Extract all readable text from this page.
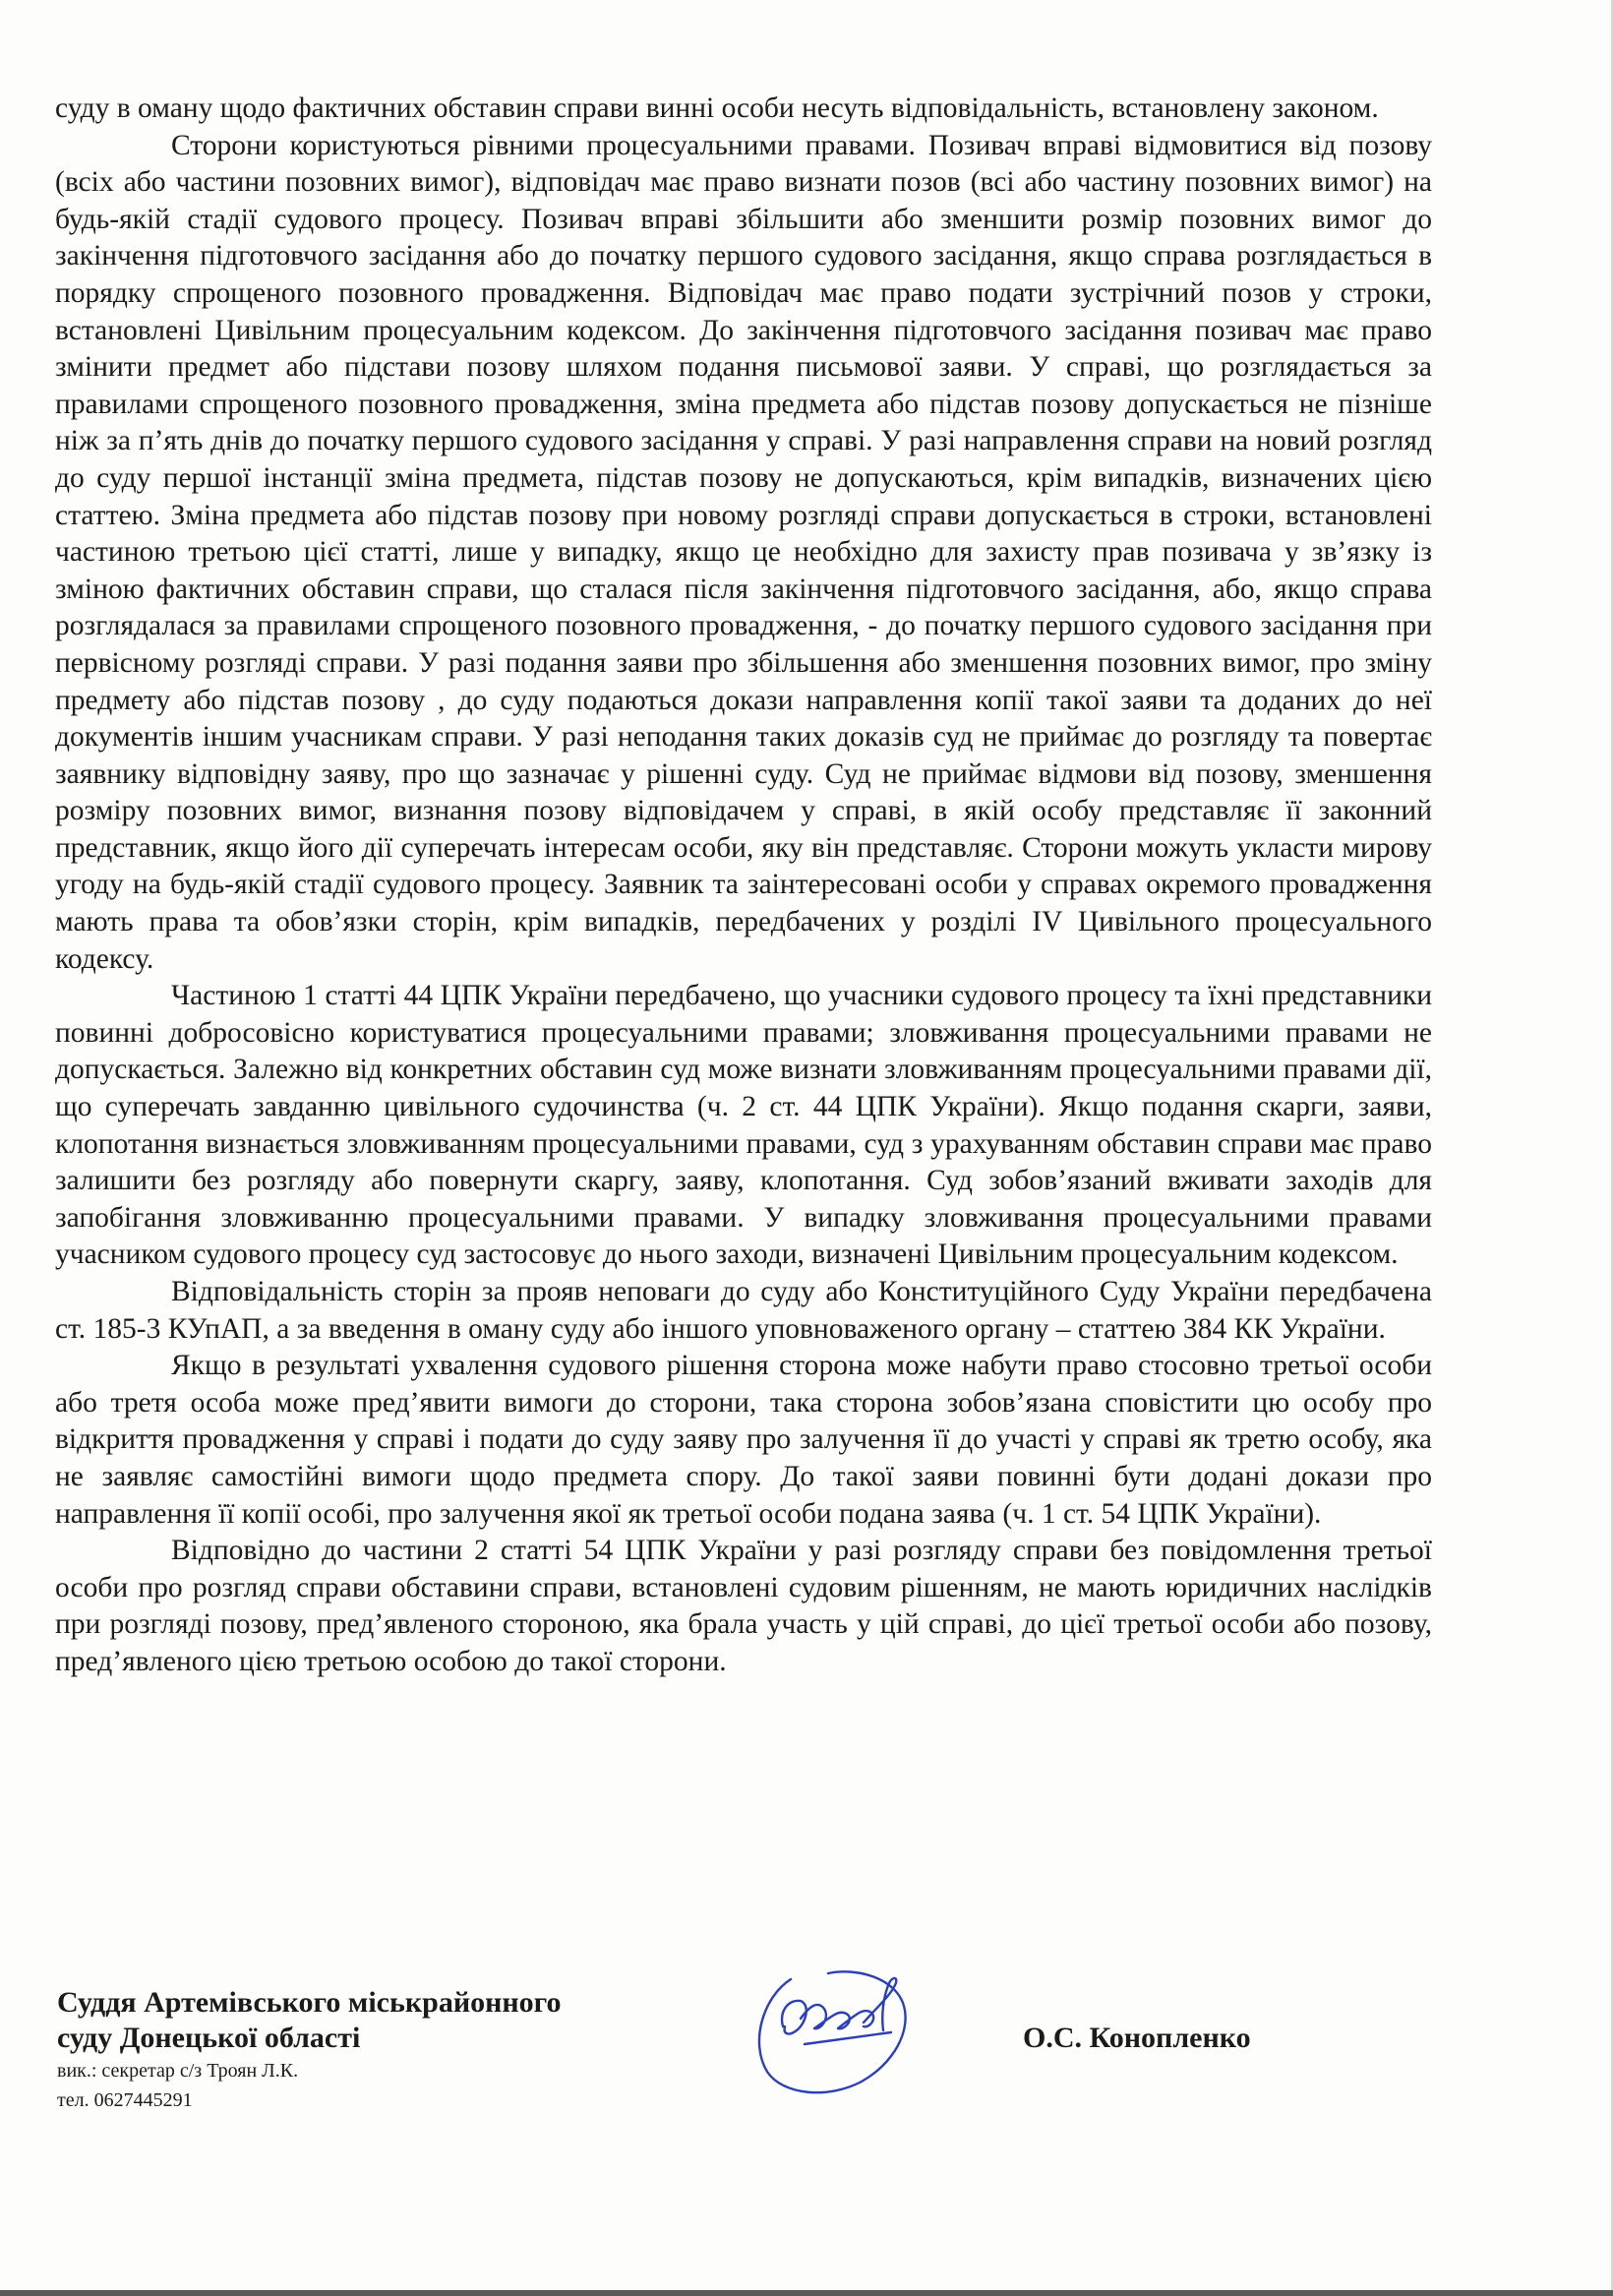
суду в оману щодо фактичних обставин справи винні особи несуть відповідальність, встановлену законом.

Сторони користуються рівними процесуальними правами. Позивач вправі відмовитися від позову (всіх або частини позовних вимог), відповідач має право визнати позов (всі або частину позовних вимог) на будь-якій стадії судового процесу. Позивач вправі збільшити або зменшити розмір позовних вимог до закінчення підготовчого засідання або до початку першого судового засідання, якщо справа розглядається в порядку спрощеного позовного провадження. Відповідач має право подати зустрічний позов у строки, встановлені Цивільним процесуальним кодексом. До закінчення підготовчого засідання позивач має право змінити предмет або підстави позову шляхом подання письмової заяви. У справі, що розглядається за правилами спрощеного позовного провадження, зміна предмета або підстав позову допускається не пізніше ніж за п’ять днів до початку першого судового засідання у справі. У разі направлення справи на новий розгляд до суду першої інстанції зміна предмета, підстав позову не допускаються, крім випадків, визначених цією статтею. Зміна предмета або підстав позову при новому розгляді справи допускається в строки, встановлені частиною третьою цієї статті, лише у випадку, якщо це необхідно для захисту прав позивача у зв’язку із зміною фактичних обставин справи, що сталася після закінчення підготовчого засідання, або, якщо справа розглядалася за правилами спрощеного позовного провадження, - до початку першого судового засідання при первісному розгляді справи. У разі подання заяви про збільшення або зменшення позовних вимог, про зміну предмету або підстав позову , до суду подаються докази направлення копії такої заяви та доданих до неї документів іншим учасникам справи. У разі неподання таких доказів суд не приймає до розгляду та повертає заявнику відповідну заяву, про що зазначає у рішенні суду. Суд не приймає відмови від позову, зменшення розміру позовних вимог, визнання позову відповідачем у справі, в якій особу представляє її законний представник, якщо його дії суперечать інтересам особи, яку він представляє. Сторони можуть укласти мирову угоду на будь-якій стадії судового процесу. Заявник та заінтересовані особи у справах окремого провадження мають права та обов’язки сторін, крім випадків, передбачених у розділі IV Цивільного процесуального кодексу.

Частиною 1 статті 44 ЦПК України передбачено, що учасники судового процесу та їхні представники повинні добросовісно користуватися процесуальними правами; зловживання процесуальними правами не допускається. Залежно від конкретних обставин суд може визнати зловживанням процесуальними правами дії, що суперечать завданню цивільного судочинства (ч. 2 ст. 44 ЦПК України). Якщо подання скарги, заяви, клопотання визнається зловживанням процесуальними правами, суд з урахуванням обставин справи має право залишити без розгляду або повернути скаргу, заяву, клопотання. Суд зобов’язаний вживати заходів для запобігання зловживанню процесуальними правами. У випадку зловживання процесуальними правами учасником судового процесу суд застосовує до нього заходи, визначені Цивільним процесуальним кодексом.

Відповідальність сторін за прояв неповаги до суду або Конституційного Суду України передбачена ст. 185-3 КУпАП, а за введення в оману суду або іншого уповноваженого органу – статтею 384 КК України.

Якщо в результаті ухвалення судового рішення сторона може набути право стосовно третьої особи або третя особа може пред’явити вимоги до сторони, така сторона зобов’язана сповістити цю особу про відкриття провадження у справі і подати до суду заяву про залучення її до участі у справі як третю особу, яка не заявляє самостійні вимоги щодо предмета спору. До такої заяви повинні бути додані докази про направлення її копії особі, про залучення якої як третьої особи подана заява (ч. 1 ст. 54 ЦПК України).

Відповідно до частини 2 статті 54 ЦПК України у разі розгляду справи без повідомлення третьої особи про розгляд справи обставини справи, встановлені судовим рішенням, не мають юридичних наслідків при розгляді позову, пред’явленого стороною, яка брала участь у цій справі, до цієї третьої особи або позову, пред’явленого цією третьою особою до такої сторони.

Суддя Артемівського міськрайонного
суду Донецької області
вик.: секретар с/з Троян Л.К.
тел. 0627445291
О.С. Конопленко
